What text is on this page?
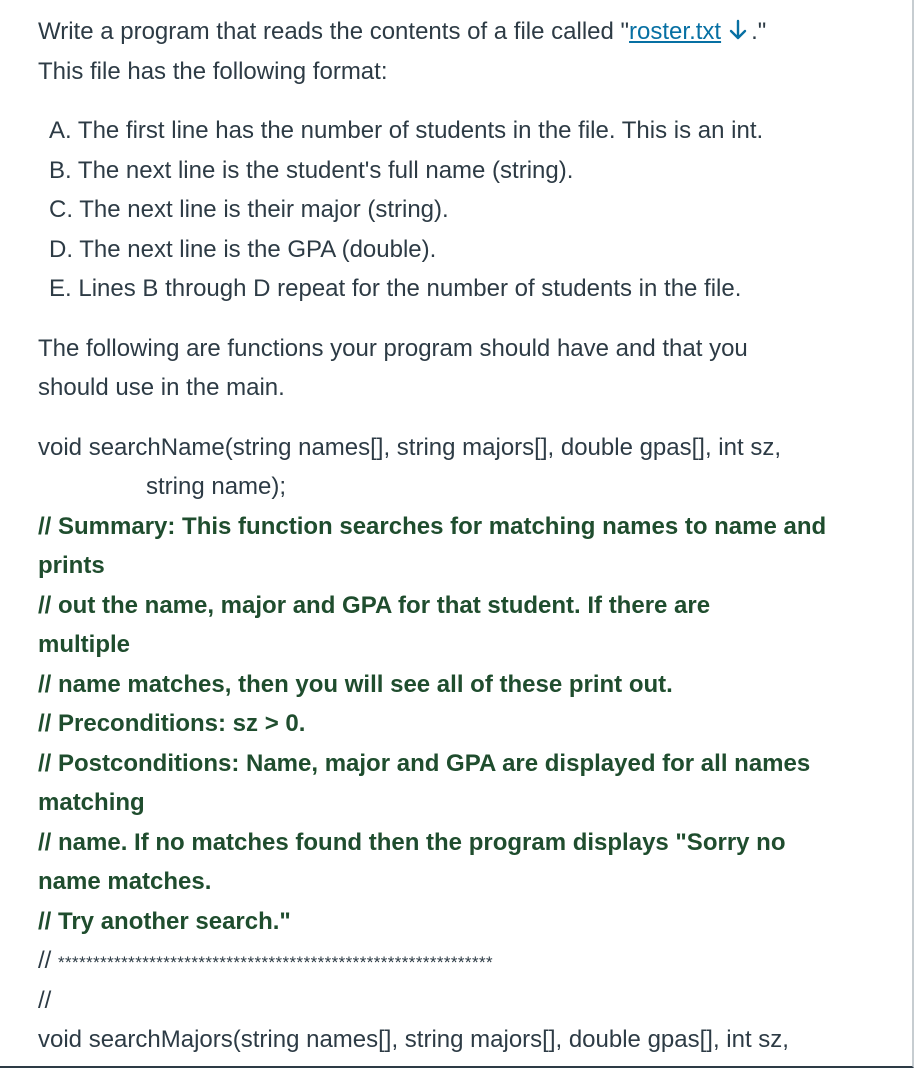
Write a program that reads the contents of a file called "roster.txt ."
This file has the following format:

A. The first line has the number of students in the file. This is an int.
B. The next line is the student's full name (string).
C. The next line is their major (string).
D. The next line is the GPA (double).
E. Lines B through D repeat for the number of students in the file.

The following are functions your program should have and that you
should use in the main.

void searchName(string names[], string majors[], double gpas[], int sz,
string name);
// Summary: This function searches for matching names to name and
prints
// out the name, major and GPA for that student. If there are
multiple
// name matches, then you will see all of these print out.
// Preconditions: sz > 0.
// Postconditions: Name, major and GPA are displayed for all names
matching
// name. If no matches found then the program displays "Sorry no
name matches.
// Try another search."
// **************************************************************
//
void searchMajors(string names[], string majors[], double gpas[], int sz,
